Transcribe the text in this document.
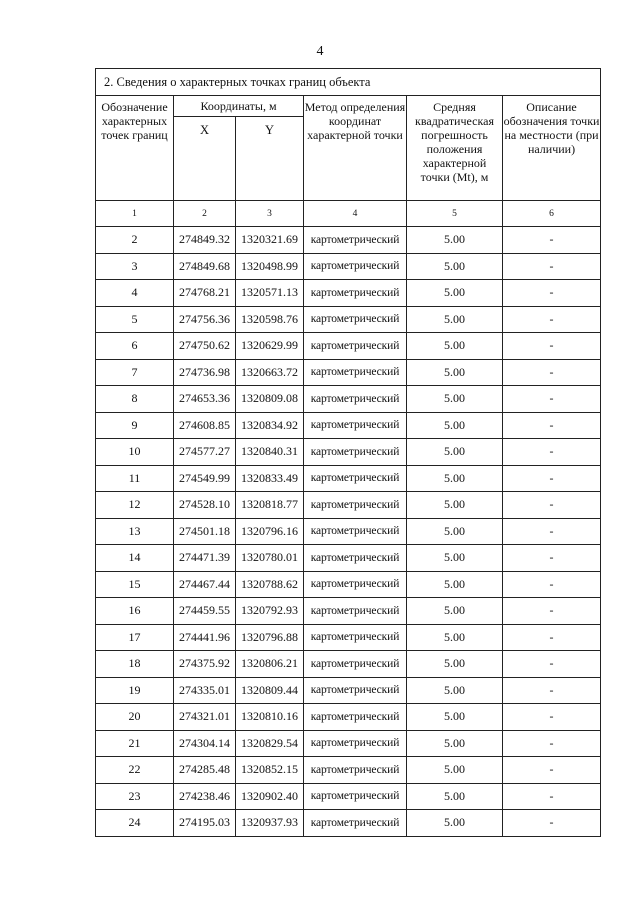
4
2. Сведения о характерных точках границ объекта					
Обозначение характерных точек границ	Координаты, м		Метод определения координат характерной точки	Средняя квадратическая погрешность положения характерной точки (Mt), м	Описание обозначения точки на местности (при наличии)
	X	Y			
1	2	3	4	5	6
2	274849.32	1320321.69	картометрический	5.00	-
3	274849.68	1320498.99	картометрический	5.00	-
4	274768.21	1320571.13	картометрический	5.00	-
5	274756.36	1320598.76	картометрический	5.00	-
6	274750.62	1320629.99	картометрический	5.00	-
7	274736.98	1320663.72	картометрический	5.00	-
8	274653.36	1320809.08	картометрический	5.00	-
9	274608.85	1320834.92	картометрический	5.00	-
10	274577.27	1320840.31	картометрический	5.00	-
11	274549.99	1320833.49	картометрический	5.00	-
12	274528.10	1320818.77	картометрический	5.00	-
13	274501.18	1320796.16	картометрический	5.00	-
14	274471.39	1320780.01	картометрический	5.00	-
15	274467.44	1320788.62	картометрический	5.00	-
16	274459.55	1320792.93	картометрический	5.00	-
17	274441.96	1320796.88	картометрический	5.00	-
18	274375.92	1320806.21	картометрический	5.00	-
19	274335.01	1320809.44	картометрический	5.00	-
20	274321.01	1320810.16	картометрический	5.00	-
21	274304.14	1320829.54	картометрический	5.00	-
22	274285.48	1320852.15	картометрический	5.00	-
23	274238.46	1320902.40	картометрический	5.00	-
24	274195.03	1320937.93	картометрический	5.00	-
